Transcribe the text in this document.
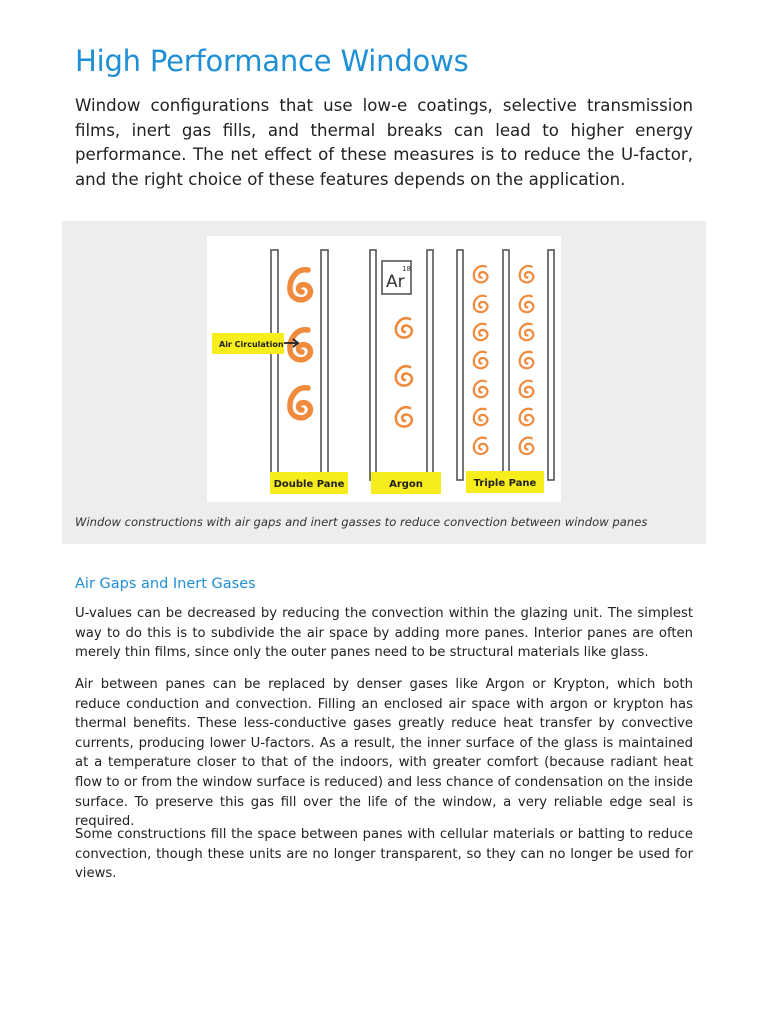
High Performance Windows

Window configurations that use low-e coatings, selective transmission films, inert gas fills, and thermal breaks can lead to higher energy performance. The net effect of these measures is to reduce the U-factor, and the right choice of these features depends on the application.

Ar
18
Air Circulation
Double Pane	Argon	Triple Pane
Window constructions with air gaps and inert gasses to reduce convection between window panes
Air Gaps and Inert Gases

U-values can be decreased by reducing the convection within the glazing unit. The simplest way to do this is to subdivide the air space by adding more panes. Interior panes are often merely thin films, since only the outer panes need to be structural materials like glass.

Air between panes can be replaced by denser gases like Argon or Krypton, which both reduce conduction and convection. Filling an enclosed air space with argon or krypton has thermal benefits. These less-conductive gases greatly reduce heat transfer by convective currents, producing lower U-factors. As a result, the inner surface of the glass is maintained at a temperature closer to that of the indoors, with greater comfort (because radiant heat flow to or from the window surface is reduced) and less chance of condensation on the inside surface. To preserve this gas fill over the life of the window, a very reliable edge seal is required.

Some constructions fill the space between panes with cellular materials or batting to reduce convection, though these units are no longer transparent, so they can no longer be used for views.
